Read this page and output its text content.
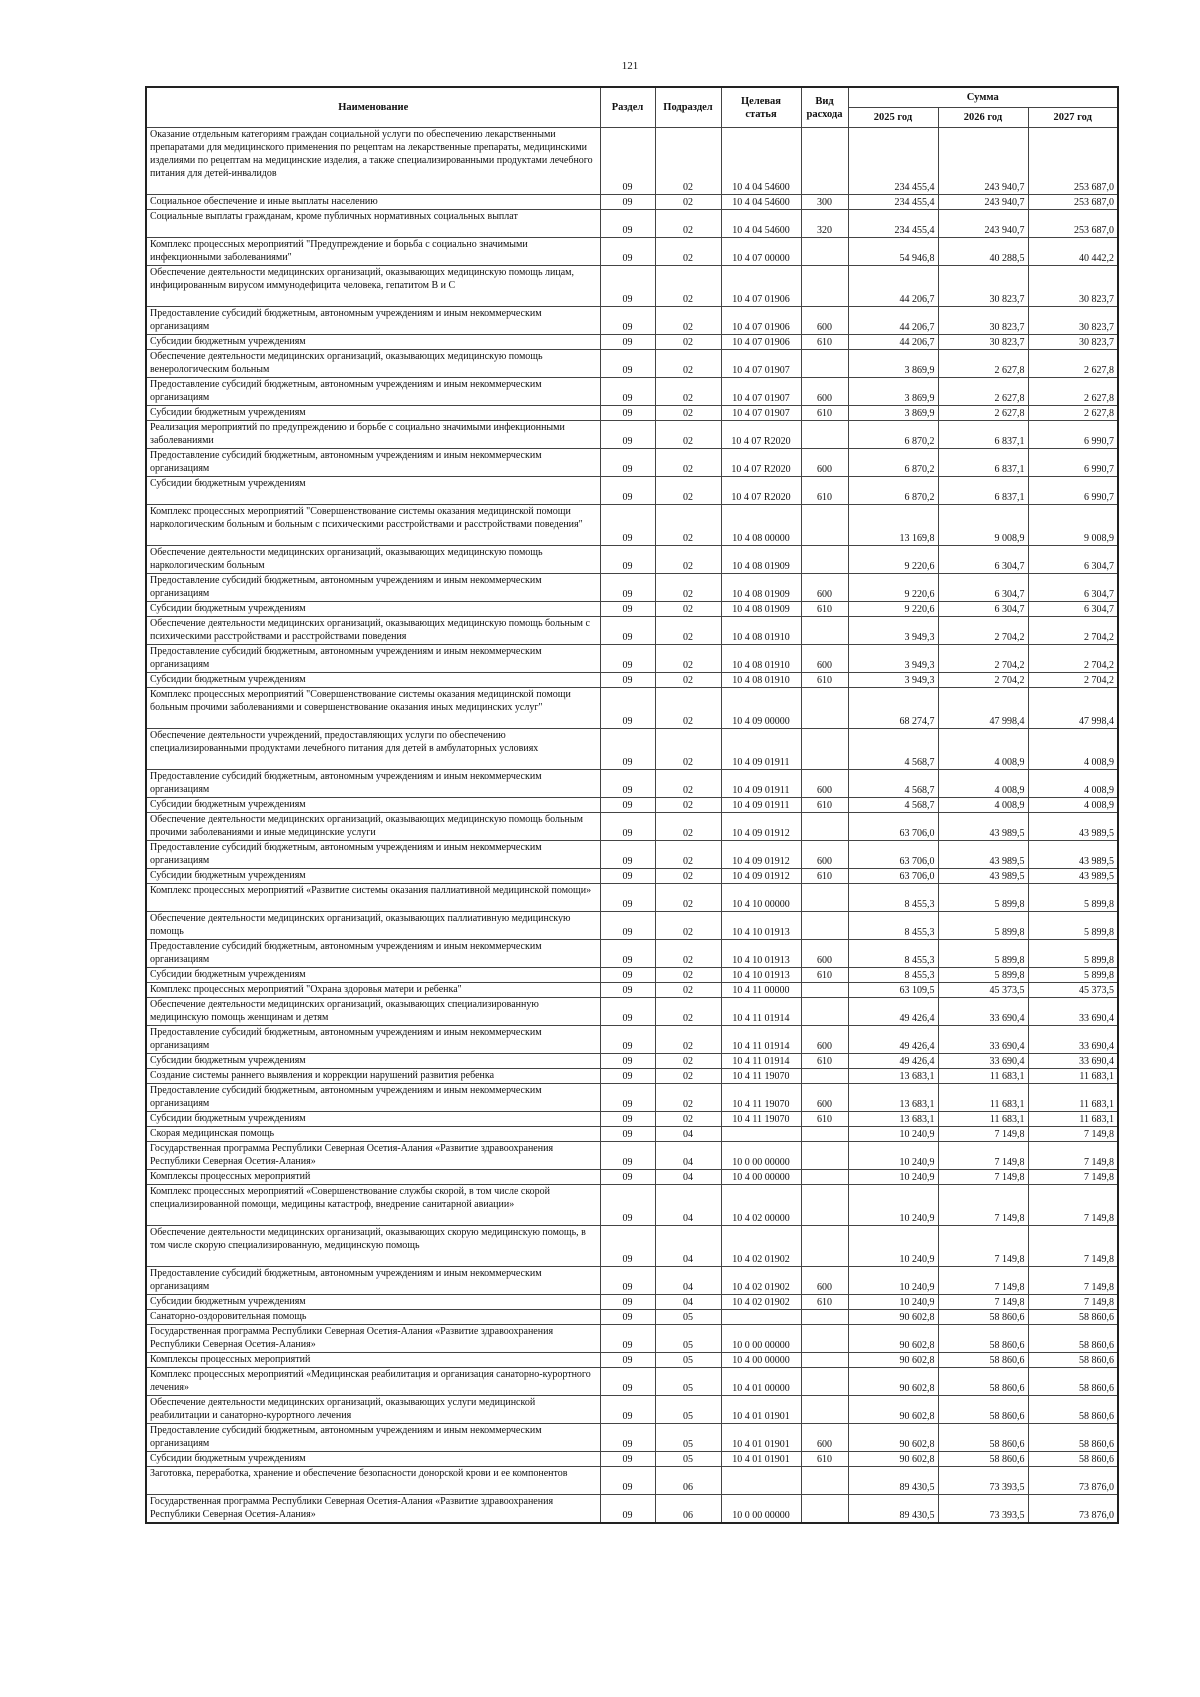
121
Наименование	Раздел	Подраздел	Целевая статья	Вид расхода	Сумма		
					2025 год	2026 год	2027 год
Оказание отдельным категориям граждан социальной услуги по обеспечению лекарственными препаратами для медицинского применения по рецептам на лекарственные препараты, медицинскими изделиями по рецептам на медицинские изделия, а также специализированными продуктами лечебного питания для детей-инвалидов	09	02	10 4 04 54600		234 455,4	243 940,7	253 687,0
Социальное обеспечение и иные выплаты населению	09	02	10 4 04 54600	300	234 455,4	243 940,7	253 687,0
Социальные выплаты гражданам, кроме публичных нормативных социальных выплат	09	02	10 4 04 54600	320	234 455,4	243 940,7	253 687,0
Комплекс процессных мероприятий "Предупреждение и борьба с социально значимыми инфекционными заболеваниями"	09	02	10 4 07 00000		54 946,8	40 288,5	40 442,2
Обеспечение деятельности медицинских организаций, оказывающих медицинскую помощь лицам, инфицированным вирусом иммунодефицита человека, гепатитом В и С	09	02	10 4 07 01906		44 206,7	30 823,7	30 823,7
Предоставление субсидий бюджетным, автономным учреждениям и иным некоммерческим организациям	09	02	10 4 07 01906	600	44 206,7	30 823,7	30 823,7
Субсидии бюджетным учреждениям	09	02	10 4 07 01906	610	44 206,7	30 823,7	30 823,7
Обеспечение деятельности медицинских организаций, оказывающих медицинскую помощь венерологическим больным	09	02	10 4 07 01907		3 869,9	2 627,8	2 627,8
Предоставление субсидий бюджетным, автономным учреждениям и иным некоммерческим организациям	09	02	10 4 07 01907	600	3 869,9	2 627,8	2 627,8
Субсидии бюджетным учреждениям	09	02	10 4 07 01907	610	3 869,9	2 627,8	2 627,8
Реализация мероприятий по предупреждению и борьбе с социально значимыми инфекционными заболеваниями	09	02	10 4 07 R2020		6 870,2	6 837,1	6 990,7
Предоставление субсидий бюджетным, автономным учреждениям и иным некоммерческим организациям	09	02	10 4 07 R2020	600	6 870,2	6 837,1	6 990,7
Субсидии бюджетным учреждениям	09	02	10 4 07 R2020	610	6 870,2	6 837,1	6 990,7
Комплекс процессных мероприятий "Совершенствование системы оказания медицинской помощи наркологическим больным и больным с психическими расстройствами и расстройствами поведения"	09	02	10 4 08 00000		13 169,8	9 008,9	9 008,9
Обеспечение деятельности медицинских организаций, оказывающих медицинскую помощь наркологическим больным	09	02	10 4 08 01909		9 220,6	6 304,7	6 304,7
Предоставление субсидий бюджетным, автономным учреждениям и иным некоммерческим организациям	09	02	10 4 08 01909	600	9 220,6	6 304,7	6 304,7
Субсидии бюджетным учреждениям	09	02	10 4 08 01909	610	9 220,6	6 304,7	6 304,7
Обеспечение деятельности медицинских организаций, оказывающих медицинскую помощь больным с психическими расстройствами и расстройствами поведения	09	02	10 4 08 01910		3 949,3	2 704,2	2 704,2
Предоставление субсидий бюджетным, автономным учреждениям и иным некоммерческим организациям	09	02	10 4 08 01910	600	3 949,3	2 704,2	2 704,2
Субсидии бюджетным учреждениям	09	02	10 4 08 01910	610	3 949,3	2 704,2	2 704,2
Комплекс процессных мероприятий "Совершенствование системы оказания медицинской помощи больным прочими заболеваниями и совершенствование оказания иных медицинских услуг"	09	02	10 4 09 00000		68 274,7	47 998,4	47 998,4
Обеспечение деятельности учреждений, предоставляющих услуги по обеспечению специализированными продуктами лечебного питания для детей в амбулаторных условиях	09	02	10 4 09 01911		4 568,7	4 008,9	4 008,9
Предоставление субсидий бюджетным, автономным учреждениям и иным некоммерческим организациям	09	02	10 4 09 01911	600	4 568,7	4 008,9	4 008,9
Субсидии бюджетным учреждениям	09	02	10 4 09 01911	610	4 568,7	4 008,9	4 008,9
Обеспечение деятельности медицинских организаций, оказывающих медицинскую помощь больным прочими заболеваниями и иные медицинские услуги	09	02	10 4 09 01912		63 706,0	43 989,5	43 989,5
Предоставление субсидий бюджетным, автономным учреждениям и иным некоммерческим организациям	09	02	10 4 09 01912	600	63 706,0	43 989,5	43 989,5
Субсидии бюджетным учреждениям	09	02	10 4 09 01912	610	63 706,0	43 989,5	43 989,5
Комплекс процессных мероприятий «Развитие системы оказания паллиативной медицинской помощи»	09	02	10 4 10 00000		8 455,3	5 899,8	5 899,8
Обеспечение деятельности медицинских организаций, оказывающих паллиативную медицинскую помощь	09	02	10 4 10 01913		8 455,3	5 899,8	5 899,8
Предоставление субсидий бюджетным, автономным учреждениям и иным некоммерческим организациям	09	02	10 4 10 01913	600	8 455,3	5 899,8	5 899,8
Субсидии бюджетным учреждениям	09	02	10 4 10 01913	610	8 455,3	5 899,8	5 899,8
Комплекс процессных мероприятий "Охрана здоровья матери и ребенка"	09	02	10 4 11 00000		63 109,5	45 373,5	45 373,5
Обеспечение деятельности медицинских организаций, оказывающих специализированную медицинскую помощь женщинам и детям	09	02	10 4 11 01914		49 426,4	33 690,4	33 690,4
Предоставление субсидий бюджетным, автономным учреждениям и иным некоммерческим организациям	09	02	10 4 11 01914	600	49 426,4	33 690,4	33 690,4
Субсидии бюджетным учреждениям	09	02	10 4 11 01914	610	49 426,4	33 690,4	33 690,4
Создание системы раннего выявления и коррекции нарушений развития ребенка	09	02	10 4 11 19070		13 683,1	11 683,1	11 683,1
Предоставление субсидий бюджетным, автономным учреждениям и иным некоммерческим организациям	09	02	10 4 11 19070	600	13 683,1	11 683,1	11 683,1
Субсидии бюджетным учреждениям	09	02	10 4 11 19070	610	13 683,1	11 683,1	11 683,1
Скорая медицинская помощь	09	04			10 240,9	7 149,8	7 149,8
Государственная программа Республики Северная Осетия-Алания «Развитие здравоохранения Республики Северная Осетия-Алания»	09	04	10 0 00 00000		10 240,9	7 149,8	7 149,8
Комплексы процессных мероприятий	09	04	10 4 00 00000		10 240,9	7 149,8	7 149,8
Комплекс процессных мероприятий «Совершенствование службы скорой, в том числе скорой специализированной помощи, медицины катастроф, внедрение санитарной авиации»	09	04	10 4 02 00000		10 240,9	7 149,8	7 149,8
Обеспечение деятельности медицинских организаций, оказывающих скорую медицинскую помощь, в том числе скорую специализированную, медицинскую помощь	09	04	10 4 02 01902		10 240,9	7 149,8	7 149,8
Предоставление субсидий бюджетным, автономным учреждениям и иным некоммерческим организациям	09	04	10 4 02 01902	600	10 240,9	7 149,8	7 149,8
Субсидии бюджетным учреждениям	09	04	10 4 02 01902	610	10 240,9	7 149,8	7 149,8
Санаторно-оздоровительная помощь	09	05			90 602,8	58 860,6	58 860,6
Государственная программа Республики Северная Осетия-Алания «Развитие здравоохранения Республики Северная Осетия-Алания»	09	05	10 0 00 00000		90 602,8	58 860,6	58 860,6
Комплексы процессных мероприятий	09	05	10 4 00 00000		90 602,8	58 860,6	58 860,6
Комплекс процессных мероприятий «Медицинская реабилитация и организация санаторно-курортного лечения»	09	05	10 4 01 00000		90 602,8	58 860,6	58 860,6
Обеспечение деятельности медицинских организаций, оказывающих услуги медицинской реабилитации и санаторно-курортного лечения	09	05	10 4 01 01901		90 602,8	58 860,6	58 860,6
Предоставление субсидий бюджетным, автономным учреждениям и иным некоммерческим организациям	09	05	10 4 01 01901	600	90 602,8	58 860,6	58 860,6
Субсидии бюджетным учреждениям	09	05	10 4 01 01901	610	90 602,8	58 860,6	58 860,6
Заготовка, переработка, хранение и обеспечение безопасности донорской крови и ее компонентов	09	06			89 430,5	73 393,5	73 876,0
Государственная программа Республики Северная Осетия-Алания «Развитие здравоохранения Республики Северная Осетия-Алания»	09	06	10 0 00 00000		89 430,5	73 393,5	73 876,0
